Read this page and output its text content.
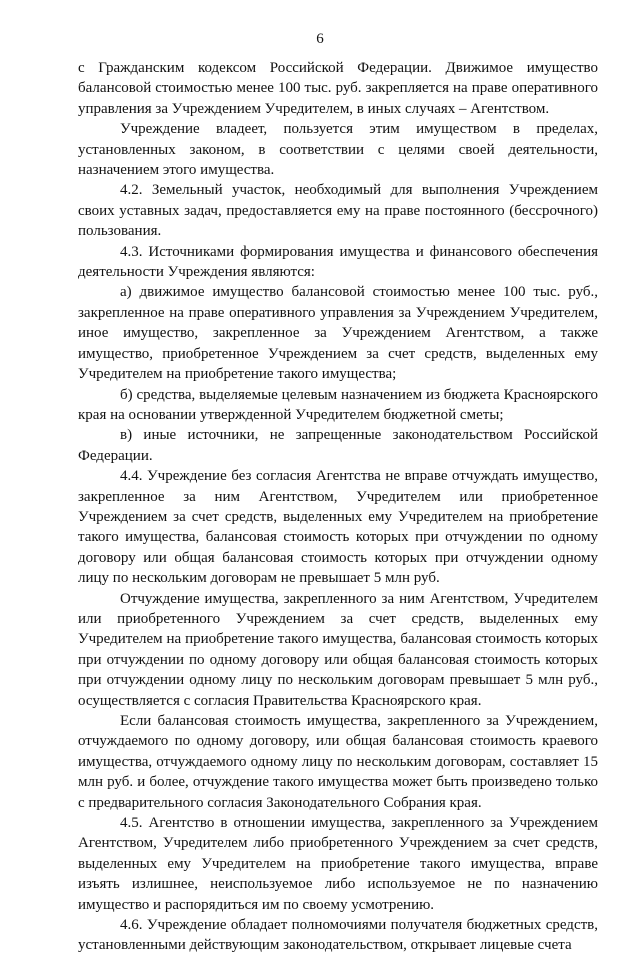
6

с Гражданским кодексом Российской Федерации. Движимое имущество балансовой стоимостью менее 100 тыс. руб. закрепляется на праве оперативного управления за Учреждением Учредителем, в иных случаях – Агентством.

Учреждение владеет, пользуется этим имуществом в пределах, установленных законом, в соответствии с целями своей деятельности, назначением этого имущества.

4.2. Земельный участок, необходимый для выполнения Учреждением своих уставных задач, предоставляется ему на праве постоянного (бессрочного) пользования.

4.3. Источниками формирования имущества и финансового обеспечения деятельности Учреждения являются:

а) движимое имущество балансовой стоимостью менее 100 тыс. руб., закрепленное на праве оперативного управления за Учреждением Учредителем, иное имущество, закрепленное за Учреждением Агентством, а также имущество, приобретенное Учреждением за счет средств, выделенных ему Учредителем на приобретение такого имущества;

б) средства, выделяемые целевым назначением из бюджета Красноярского края на основании утвержденной Учредителем бюджетной сметы;

в) иные источники, не запрещенные законодательством Российской Федерации.

4.4. Учреждение без согласия Агентства не вправе отчуждать имущество, закрепленное за ним Агентством, Учредителем или приобретенное Учреждением за счет средств, выделенных ему Учредителем на приобретение такого имущества, балансовая стоимость которых при отчуждении по одному договору или общая балансовая стоимость которых при отчуждении одному лицу по нескольким договорам не превышает 5 млн руб.

Отчуждение имущества, закрепленного за ним Агентством, Учредителем или приобретенного Учреждением за счет средств, выделенных ему Учредителем на приобретение такого имущества, балансовая стоимость которых при отчуждении по одному договору или общая балансовая стоимость которых при отчуждении одному лицу по нескольким договорам превышает 5 млн руб., осуществляется с согласия Правительства Красноярского края.

Если балансовая стоимость имущества, закрепленного за Учреждением, отчуждаемого по одному договору, или общая балансовая стоимость краевого имущества, отчуждаемого одному лицу по нескольким договорам, составляет 15 млн руб. и более, отчуждение такого имущества может быть произведено только с предварительного согласия Законодательного Собрания края.

4.5. Агентство в отношении имущества, закрепленного за Учреждением Агентством, Учредителем либо приобретенного Учреждением за счет средств, выделенных ему Учредителем на приобретение такого имущества, вправе изъять излишнее, неиспользуемое либо используемое не по назначению имущество и распорядиться им по своему усмотрению.

4.6. Учреждение обладает полномочиями получателя бюджетных средств, установленными действующим законодательством, открывает лицевые счета
